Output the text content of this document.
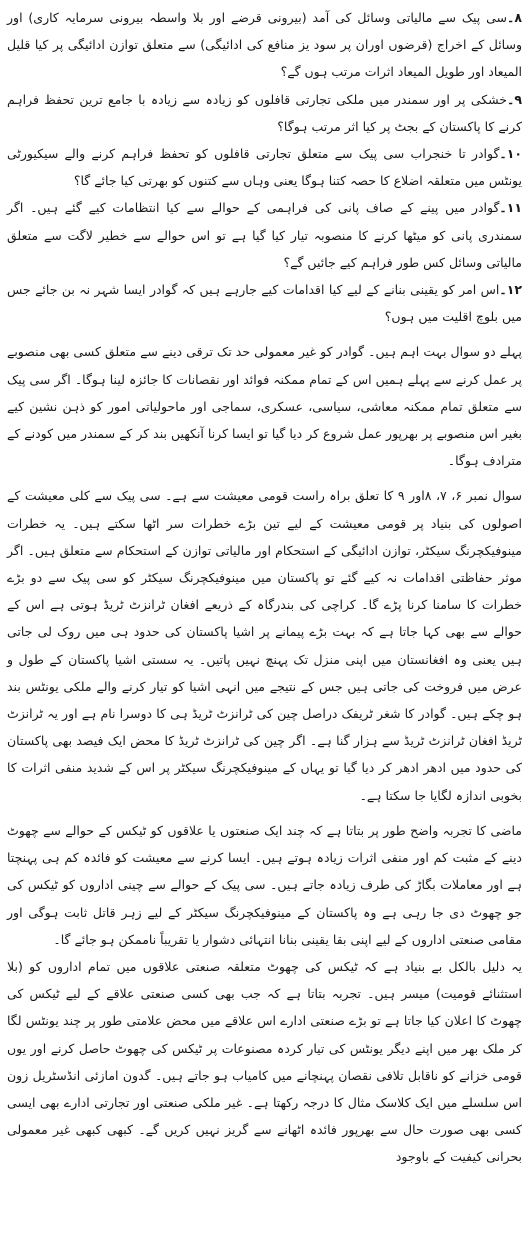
۸۔سی پیک سے مالیاتی وسائل کی آمد (بیرونی قرضے اور بلا واسطہ بیرونی سرمایہ کاری) اور وسائل کے اخراج (قرضوں اوران پر سود یز منافع کی ادائیگی) سے متعلق توازن ادائیگی پر کیا قلیل المیعاد اور طویل المیعاد اثرات مرتب ہوں گے؟

۹۔خشکی پر اور سمندر میں ملکی تجارتی قافلوں کو زیادہ سے زیادہ با جامع ترین تحفظ فراہم کرنے کا پاکستان کے بجٹ پر کیا اثر مرتب ہوگا؟

۱۰۔گوادر تا خنجراب سی پیک سے متعلق تجارتی قافلوں کو تحفظ فراہم کرنے والے سیکیورٹی یونٹس میں متعلقہ اضلاع کا حصہ کتنا ہوگا یعنی وہاں سے کتنوں کو بھرتی کیا جائے گا؟

۱۱۔گوادر میں پینے کے صاف پانی کی فراہمی کے حوالے سے کیا انتظامات کیے گئے ہیں۔ اگر سمندری پانی کو میٹھا کرنے کا منصوبہ تیار کیا گیا ہے تو اس حوالے سے خطیر لاگت سے متعلق مالیاتی وسائل کس طور فراہم کیے جائیں گے؟

۱۲۔اس امر کو یقینی بنانے کے لیے کیا اقدامات کیے جارہے ہیں کہ گوادر ایسا شہر نہ بن جائے جس میں بلوچ اقلیت میں ہوں؟

پہلے دو سوال بہت اہم ہیں۔ گوادر کو غیر معمولی حد تک ترقی دینے سے متعلق کسی بھی منصوبے پر عمل کرنے سے پہلے ہمیں اس کے تمام ممکنہ فوائد اور نقصانات کا جائزہ لینا ہوگا۔ اگر سی پیک سے متعلق تمام ممکنہ معاشی، سیاسی، عسکری، سماجی اور ماحولیاتی امور کو ذہن نشین کیے بغیر اس منصوبے پر بھرپور عمل شروع کر دیا گیا تو ایسا کرنا آنکھیں بند کر کے سمندر میں کودنے کے مترادف ہوگا۔

سوال نمبر ۶، ۷، ۸اور ۹ کا تعلق براہ راست قومی معیشت سے ہے۔ سی پیک سے کلی معیشت کے اصولوں کی بنیاد پر قومی معیشت کے لیے تین بڑے خطرات سر اٹھا سکتے ہیں۔ یہ خطرات مینوفیکچرنگ سیکٹر، توازن ادائیگی کے استحکام اور مالیاتی توازن کے استحکام سے متعلق ہیں۔ اگر موثر حفاظتی اقدامات نہ کیے گئے تو پاکستان میں مینوفیکچرنگ سیکٹر کو سی پیک سے دو بڑے خطرات کا سامنا کرنا پڑے گا۔ کراچی کی بندرگاہ کے ذریعے افغان ٹرانزٹ ٹریڈ ہوتی ہے اس کے حوالے سے بھی کہا جاتا ہے کہ بہت بڑے پیمانے پر اشیا پاکستان کی حدود ہی میں روک لی جاتی ہیں یعنی وہ افغانستان میں اپنی منزل تک پہنچ نہیں پاتیں۔ یہ سستی اشیا پاکستان کے طول و عرض میں فروخت کی جاتی ہیں جس کے نتیجے میں انہی اشیا کو تیار کرنے والے ملکی یونٹس بند ہو چکے ہیں۔ گوادر کا شغر ٹریفک دراصل چین کی ٹرانزٹ ٹریڈ ہی کا دوسرا نام ہے اور یہ ٹرانزٹ ٹریڈ افغان ٹرانزٹ ٹریڈ سے ہزار گنا ہے۔ اگر چین کی ٹرانزٹ ٹریڈ کا محض ایک فیصد بھی پاکستان کی حدود میں ادھر ادھر کر دیا گیا تو یہاں کے مینوفیکچرنگ سیکٹر پر اس کے شدید منفی اثرات کا بخوبی اندازہ لگایا جا سکتا ہے۔

ماضی کا تجربہ واضح طور پر بتاتا ہے کہ چند ایک صنعتوں یا علاقوں کو ٹیکس کے حوالے سے چھوٹ دینے کے مثبت کم اور منفی اثرات زیادہ ہوتے ہیں۔ ایسا کرنے سے معیشت کو فائدہ کم ہی پہنچتا ہے اور معاملات بگاڑ کی طرف زیادہ جاتے ہیں۔ سی پیک کے حوالے سے چینی اداروں کو ٹیکس کی جو چھوٹ دی جا رہی ہے وہ پاکستان کے مینوفیکچرنگ سیکٹر کے لیے زہر قاتل ثابت ہوگی اور مقامی صنعتی اداروں کے لیے اپنی بقا یقینی بنانا انتہائی دشوار یا تقریباً ناممکن ہو جائے گا۔

یہ دلیل بالکل بے بنیاد ہے کہ ٹیکس کی چھوٹ متعلقہ صنعتی علاقوں میں تمام اداروں کو (بلا استثنائے قومیت) میسر ہیں۔ تجربہ بتاتا ہے کہ جب بھی کسی صنعتی علاقے کے لیے ٹیکس کی چھوٹ کا اعلان کیا جاتا ہے تو بڑے صنعتی ادارے اس علاقے میں محض علامتی طور پر چند یونٹس لگا کر ملک بھر میں اپنے دیگر یونٹس کی تیار کردہ مصنوعات پر ٹیکس کی چھوٹ حاصل کرنے اور یوں قومی خزانے کو ناقابل تلافی نقصان پہنچانے میں کامیاب ہو جاتے ہیں۔ گدون امازئی انڈسٹریل زون اس سلسلے میں ایک کلاسک مثال کا درجہ رکھتا ہے۔ غیر ملکی صنعتی اور تجارتی ادارے بھی ایسی کسی بھی صورت حال سے بھرپور فائدہ اٹھانے سے گریز نہیں کریں گے۔ کبھی کبھی غیر معمولی بحرانی کیفیت کے باوجود
